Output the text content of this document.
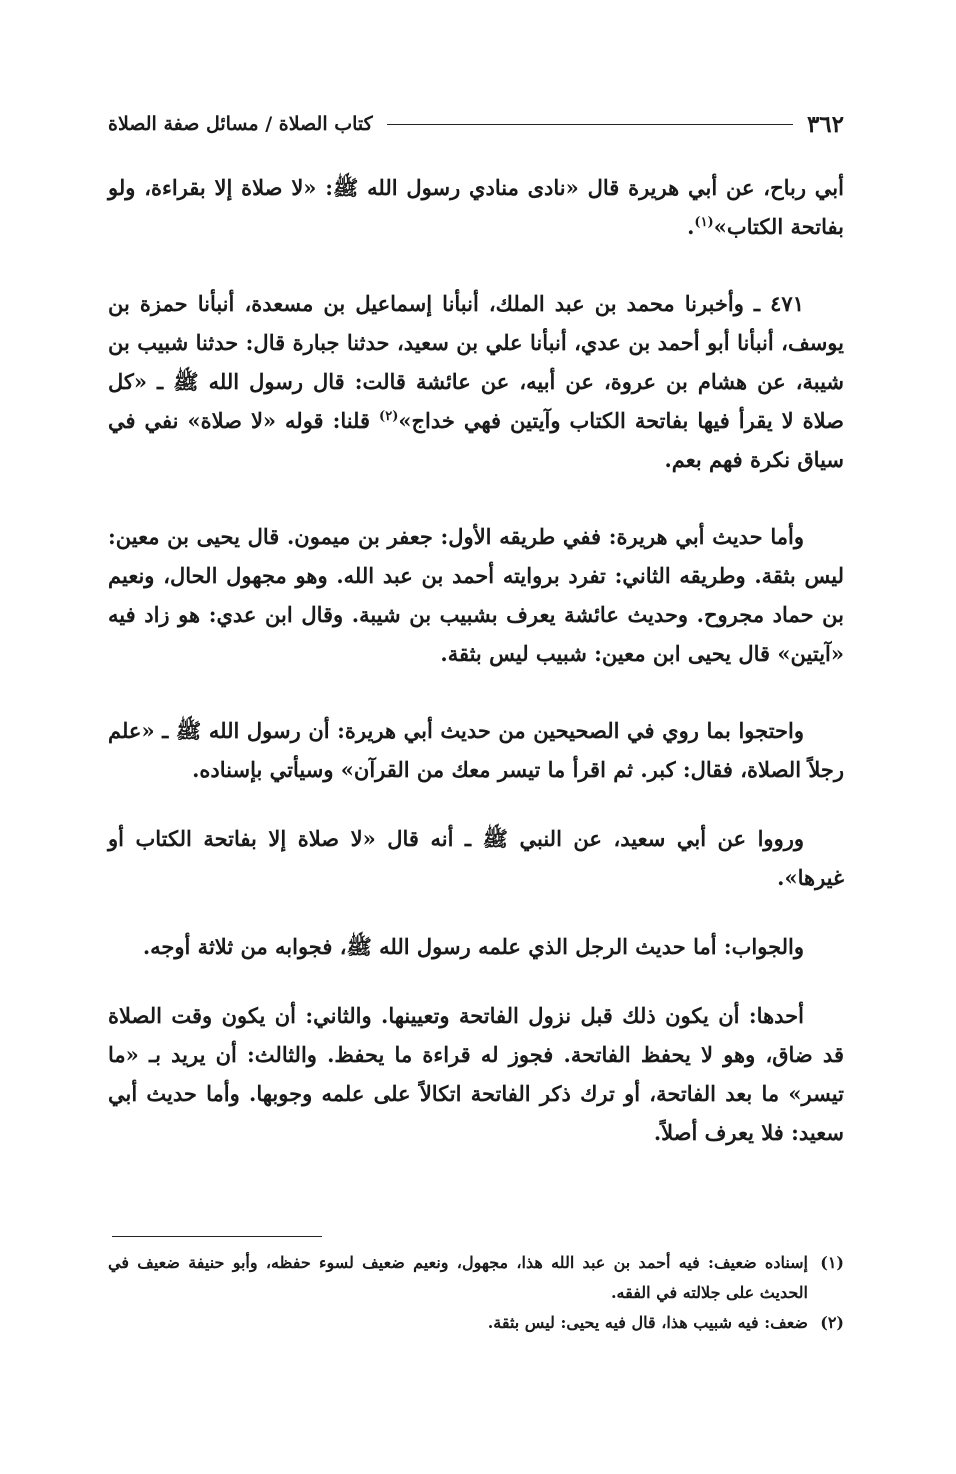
٣٦٢
كتاب الصلاة / مسائل صفة الصلاة

أبي رباح، عن أبي هريرة قال «نادى منادي رسول الله ﷺ: «لا صلاة إلا بقراءة، ولو بفاتحة الكتاب»$^{(١)}$.

٤٧١ ـ وأخبرنا محمد بن عبد الملك، أنبأنا إسماعيل بن مسعدة، أنبأنا حمزة بن يوسف، أنبأنا أبو أحمد بن عدي، أنبأنا علي بن سعيد، حدثنا جبارة قال: حدثنا شبيب بن شيبة، عن هشام بن عروة، عن أبيه، عن عائشة قالت: قال رسول الله ﷺ ـ «كل صلاة لا يقرأ فيها بفاتحة الكتاب وآيتين فهي خداج»$^{(٢)}$ قلنا: قوله «لا صلاة» نفي في سياق نكرة فهم بعم.

وأما حديث أبي هريرة: ففي طريقه الأول: جعفر بن ميمون. قال يحيى بن معين: ليس بثقة. وطريقه الثاني: تفرد بروايته أحمد بن عبد الله. وهو مجهول الحال، ونعيم بن حماد مجروح. وحديث عائشة يعرف بشبيب بن شيبة. وقال ابن عدي: هو زاد فيه «آيتين» قال يحيى ابن معين: شبيب ليس بثقة.

واحتجوا بما روي في الصحيحين من حديث أبي هريرة: أن رسول الله ﷺ ـ «علم رجلاً الصلاة، فقال: كبر. ثم اقرأ ما تيسر معك من القرآن» وسيأتي بإسناده.

ورووا عن أبي سعيد، عن النبي ﷺ ـ أنه قال «لا صلاة إلا بفاتحة الكتاب أو غيرها».

والجواب: أما حديث الرجل الذي علمه رسول الله ﷺ، فجوابه من ثلاثة أوجه.

أحدها: أن يكون ذلك قبل نزول الفاتحة وتعيينها. والثاني: أن يكون وقت الصلاة قد ضاق، وهو لا يحفظ الفاتحة. فجوز له قراءة ما يحفظ. والثالث: أن يريد بـ «ما تيسر» ما بعد الفاتحة، أو ترك ذكر الفاتحة اتكالاً على علمه وجوبها. وأما حديث أبي سعيد: فلا يعرف أصلاً.

(١)
إسناده ضعيف: فيه أحمد بن عبد الله هذا، مجهول، ونعيم ضعيف لسوء حفظه، وأبو حنيفة ضعيف في الحديث على جلالته في الفقه.
(٢)
ضعف: فيه شبيب هذا، قال فيه يحيى: ليس بثقة.
